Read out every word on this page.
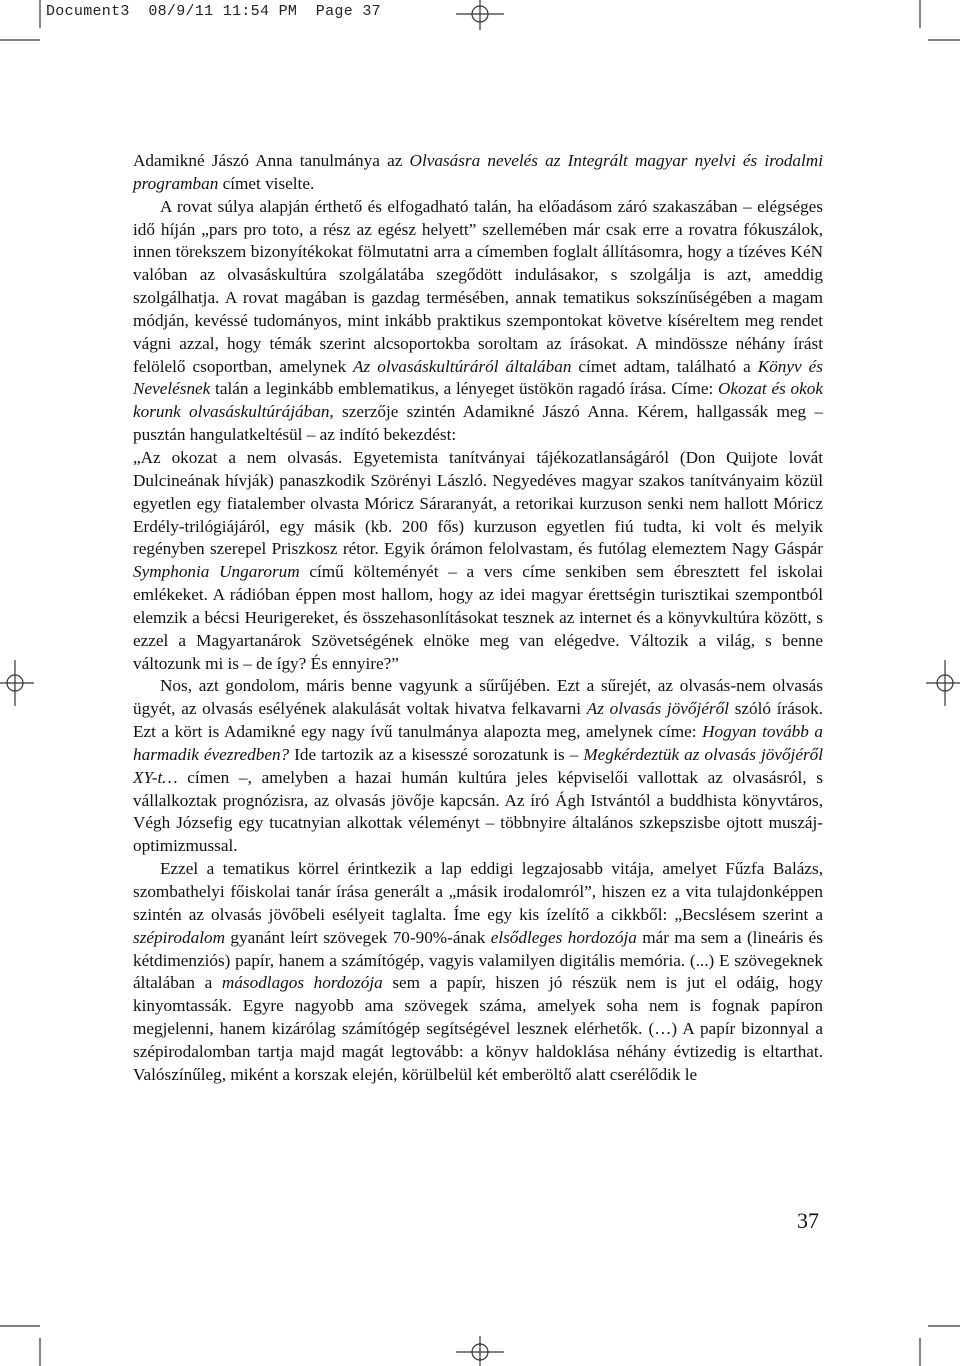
Document3 08/9/11 11:54 PM Page 37

Adamikné Jászó Anna tanulmánya az Olvasásra nevelés az Integrált magyar nyelvi és irodalmi programban címet viselte.

A rovat súlya alapján érthető és elfogadható talán, ha előadásom záró szakaszában – elégséges idő híján „pars pro toto, a rész az egész helyett” szellemében már csak erre a rovatra fókuszálok, innen törekszem bizonyítékokat fölmutatni arra a címemben foglalt állításomra, hogy a tízéves KéN valóban az olvasáskultúra szolgálatába szegődött indulásakor, s szolgálja is azt, ameddig szolgálhatja. A rovat magában is gazdag termésében, annak tematikus sokszínűségében a magam módján, kevéssé tudományos, mint inkább praktikus szempontokat követve kíséreltem meg rendet vágni azzal, hogy témák szerint alcsoportokba soroltam az írásokat. A mindössze néhány írást felölelő csoportban, amelynek Az olvasáskultúráról általában címet adtam, található a Könyv és Nevelésnek talán a leginkább emblematikus, a lényeget üstökön ragadó írása. Címe: Okozat és okok korunk olvasáskultúrájában, szerzője szintén Adamikné Jászó Anna. Kérem, hallgassák meg – pusztán hangulatkeltésül – az indító bekezdést:

„Az okozat a nem olvasás. Egyetemista tanítványai tájékozatlanságáról (Don Quijote lovát Dulcineának hívják) panaszkodik Szörényi László. Negyedéves magyar szakos tanítványaim közül egyetlen egy fiatalember olvasta Móricz Sáraranyát, a retorikai kurzuson senki nem hallott Móricz Erdély-trilógiájáról, egy másik (kb. 200 fős) kurzuson egyetlen fiú tudta, ki volt és melyik regényben szerepel Priszkosz rétor. Egyik órámon felolvastam, és futólag elemeztem Nagy Gáspár Symphonia Ungarorum című költeményét – a vers címe senkiben sem ébresztett fel iskolai emlékeket. A rádióban éppen most hallom, hogy az idei magyar érettségin turisztikai szempontból elemzik a bécsi Heurigereket, és összehasonlításokat tesznek az internet és a könyvkultúra között, s ezzel a Magyartanárok Szövetségének elnöke meg van elégedve. Változik a világ, s benne változunk mi is – de így? És ennyire?”

Nos, azt gondolom, máris benne vagyunk a sűrűjében. Ezt a sűrejét, az olvasás-nem olvasás ügyét, az olvasás esélyének alakulását voltak hivatva felkavarni Az olvasás jövőjéről szóló írások. Ezt a kört is Adamikné egy nagy ívű tanulmánya alapozta meg, amelynek címe: Hogyan tovább a harmadik évezredben? Ide tartozik az a kisesszé sorozatunk is – Megkérdeztük az olvasás jövőjéről XY-t… címen –, amelyben a hazai humán kultúra jeles képviselői vallottak az olvasásról, s vállalkoztak prognózisra, az olvasás jövője kapcsán. Az író Ágh Istvántól a buddhista könyvtáros, Végh Józsefig egy tucatnyian alkottak véleményt – többnyire általános szkepszisbe ojtott muszáj-optimizmussal.

Ezzel a tematikus körrel érintkezik a lap eddigi legzajosabb vitája, amelyet Fűzfa Balázs, szombathelyi főiskolai tanár írása generált a „másik irodalomról”, hiszen ez a vita tulajdonképpen szintén az olvasás jövőbeli esélyeit taglalta. Íme egy kis ízelítő a cikkből: „Becslésem szerint a szépirodalom gyanánt leírt szövegek 70-90%-ának elsődleges hordozója már ma sem a (lineáris és kétdimenziós) papír, hanem a számítógép, vagyis valamilyen digitális memória. (...) E szövegeknek általában a másodlagos hordozója sem a papír, hiszen jó részük nem is jut el odáig, hogy kinyomtassák. Egyre nagyobb ama szövegek száma, amelyek soha nem is fognak papíron megjelenni, hanem kizárólag számítógép segítségével lesznek elérhetők. (…) A papír bizonnyal a szépirodalomban tartja majd magát legtovább: a könyv haldoklása néhány évtizedig is eltarthat. Valószínűleg, miként a korszak elején, körülbelül két emberöltő alatt cserélődik le

37
